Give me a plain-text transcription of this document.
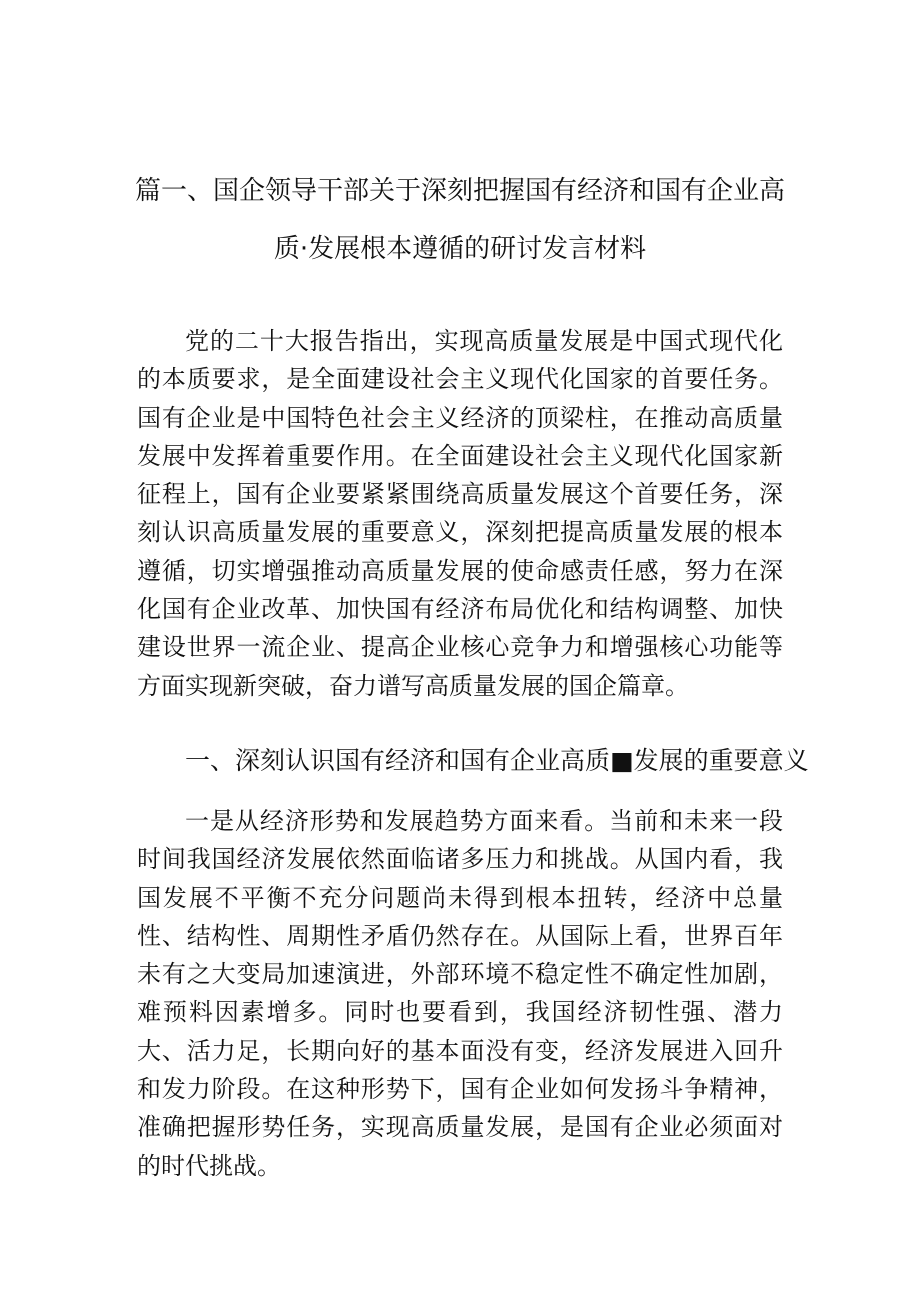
篇一、国企领导干部关于深刻把握国有经济和国有企业高
质·发展根本遵循的研讨发言材料

党的二十大报告指出，实现高质量发展是中国式现代化的本质要求，是全面建设社会主义现代化国家的首要任务。国有企业是中国特色社会主义经济的顶梁柱，在推动高质量发展中发挥着重要作用。在全面建设社会主义现代化国家新征程上，国有企业要紧紧围绕高质量发展这个首要任务，深刻认识高质量发展的重要意义，深刻把提高质量发展的根本遵循，切实增强推动高质量发展的使命感责任感，努力在深化国有企业改革、加快国有经济布局优化和结构调整、加快建设世界一流企业、提高企业核心竞争力和增强核心功能等方面实现新突破，奋力谱写高质量发展的国企篇章。

一、深刻认识国有经济和国有企业高质■发展的重要意义

一是从经济形势和发展趋势方面来看。当前和未来一段时间我国经济发展依然面临诸多压力和挑战。从国内看，我国发展不平衡不充分问题尚未得到根本扭转，经济中总量性、结构性、周期性矛盾仍然存在。从国际上看，世界百年未有之大变局加速演进，外部环境不稳定性不确定性加剧，难预料因素增多。同时也要看到，我国经济韧性强、潜力大、活力足，长期向好的基本面没有变，经济发展进入回升和发力阶段。在这种形势下，国有企业如何发扬斗争精神，准确把握形势任务，实现高质量发展，是国有企业必须面对的时代挑战。
